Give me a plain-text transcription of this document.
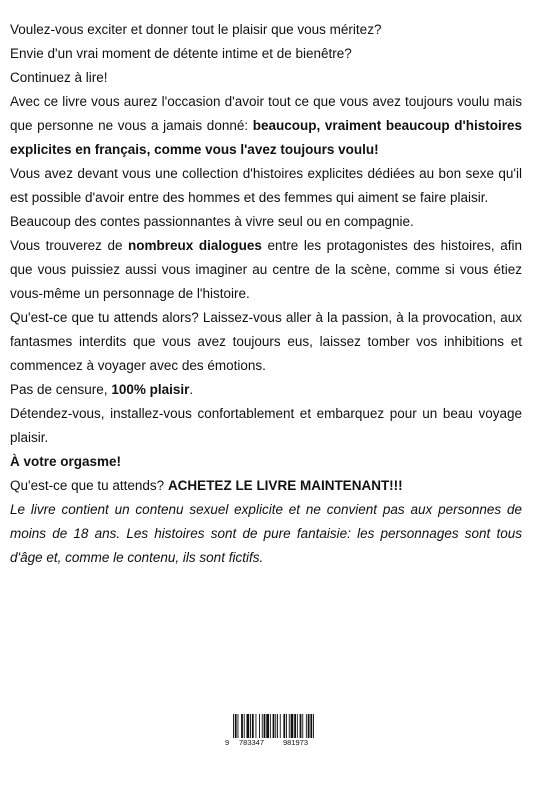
Voulez-vous exciter et donner tout le plaisir que vous méritez?

Envie d'un vrai moment de détente intime et de bienêtre?

Continuez à lire!

Avec ce livre vous aurez l'occasion d'avoir tout ce que vous avez toujours voulu mais que personne ne vous a jamais donné: beaucoup, vraiment beaucoup d'histoires explicites en français, comme vous l'avez toujours voulu!

Vous avez devant vous une collection d'histoires explicites dédiées au bon sexe qu'il est possible d'avoir entre des hommes et des femmes qui aiment se faire plaisir.

Beaucoup des contes passionnantes à vivre seul ou en compagnie.

Vous trouverez de nombreux dialogues entre les protagonistes des histoires, afin que vous puissiez aussi vous imaginer au centre de la scène, comme si vous étiez vous-même un personnage de l'histoire.

Qu'est-ce que tu attends alors? Laissez-vous aller à la passion, à la provocation, aux fantasmes interdits que vous avez toujours eus, laissez tomber vos inhibitions et commencez à voyager avec des émotions.

Pas de censure, 100% plaisir.

Détendez-vous, installez-vous confortablement et embarquez pour un beau voyage plaisir.

À votre orgasme!

Qu'est-ce que tu attends? ACHETEZ LE LIVRE MAINTENANT!!!

Le livre contient un contenu sexuel explicite et ne convient pas aux personnes de moins de 18 ans. Les histoires sont de pure fantaisie: les personnages sont tous d'âge et, comme le contenu, ils sont fictifs.

9 783347	981973
